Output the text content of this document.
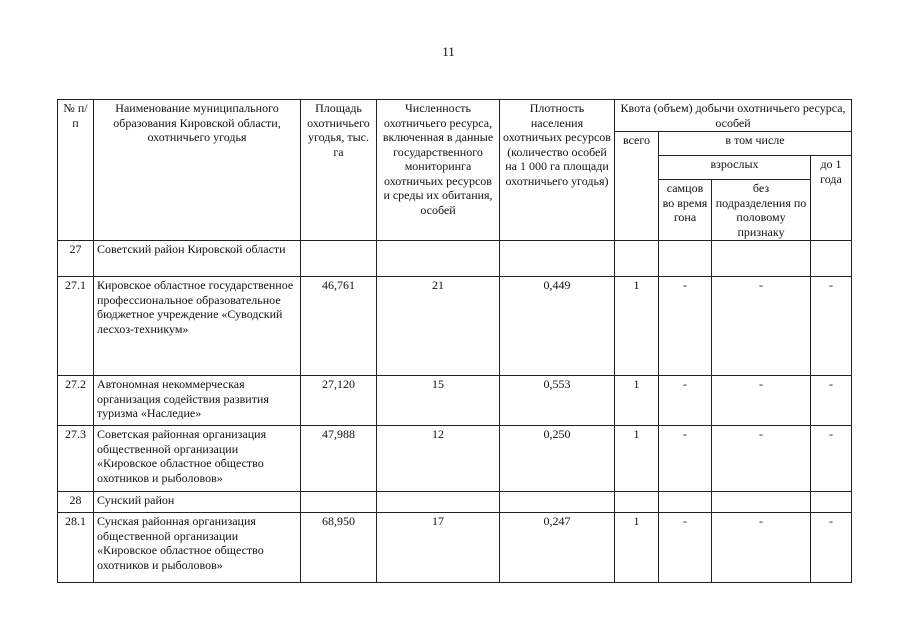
11
№ п/п	Наименование муниципального образования Кировской области, охотничьего угодья	Площадь охотничьего угодья, тыс. га	Численность охотничьего ресурса, включенная в данные государственного мониторинга охотничьих ресурсов и среды их обитания, особей	Плотность населения охотничьих ресурсов (количество особей на 1 000 га площади охотничьего угодья)	Квота (объем) добычи охотничьего ресурса, особей			
					всего	в том числе		
						взрослых		до 1 года
						самцов во время гона	без подразделения по половому признаку	
27	Советский район Кировской области							
27.1	Кировское областное государственное профессиональное образовательное бюджетное учреждение «Суводский лесхоз-техникум»	46,761	21	0,449	1	-	-	-
27.2	Автономная некоммерческая организация содействия развития туризма «Наследие»	27,120	15	0,553	1	-	-	-
27.3	Советская районная организация общественной организации «Кировское областное общество охотников и рыболовов»	47,988	12	0,250	1	-	-	-
28	Сунский район							
28.1	Сунская районная организация общественной организации «Кировское областное общество охотников и рыболовов»	68,950	17	0,247	1	-	-	-
